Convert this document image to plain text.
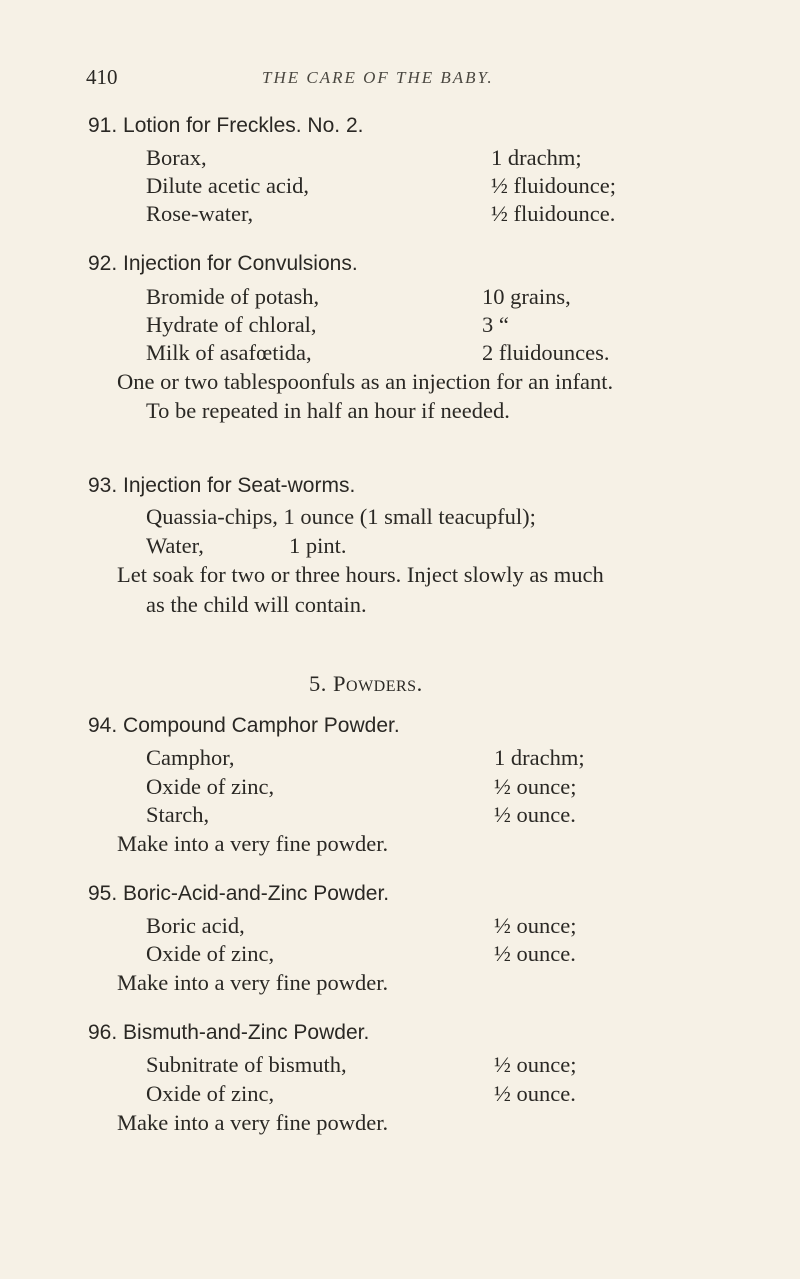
410	THE CARE OF THE BABY.
91. Lotion for Freckles. No. 2.
Borax,	1 drachm;
Dilute acetic acid,	½ fluidounce;
Rose-water,	½ fluidounce.
92. Injection for Convulsions.
Bromide of potash,	10 grains,
Hydrate of chloral,	3 “
Milk of asafœtida,	2 fluidounces.
One or two tablespoonfuls as an injection for an infant.
To be repeated in half an hour if needed.
93. Injection for Seat-worms.
Quassia-chips, 1 ounce (1 small teacupful);
Water,	1 pint.
Let soak for two or three hours. Inject slowly as much
as the child will contain.
5. Powders.
94. Compound Camphor Powder.
Camphor,	1 drachm;
Oxide of zinc,	½ ounce;
Starch,	½ ounce.
Make into a very fine powder.
95. Boric-Acid-and-Zinc Powder.
Boric acid,	½ ounce;
Oxide of zinc,	½ ounce.
Make into a very fine powder.
96. Bismuth-and-Zinc Powder.
Subnitrate of bismuth,	½ ounce;
Oxide of zinc,	½ ounce.
Make into a very fine powder.
